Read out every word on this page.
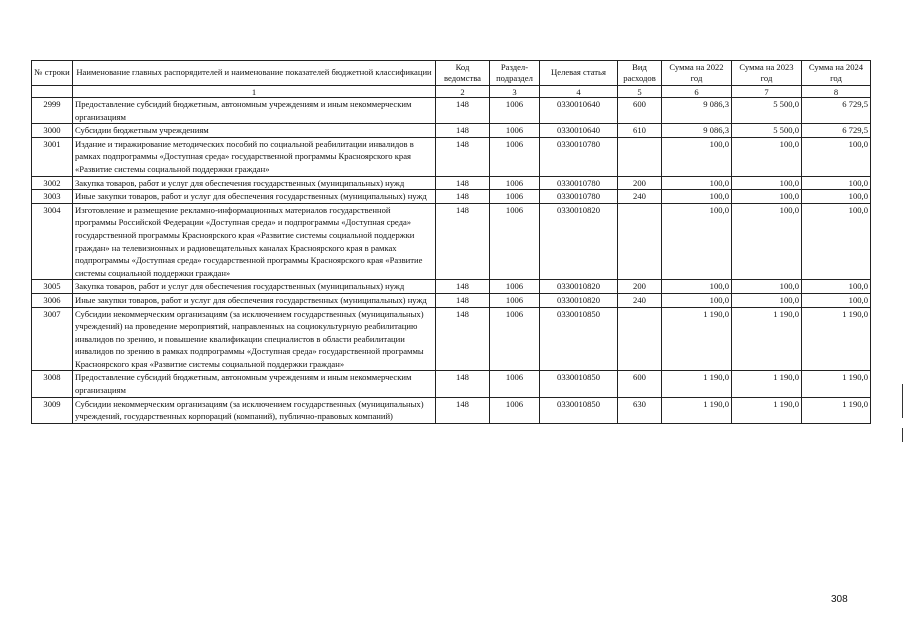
№ строки	Наименование главных распорядителей и наименование показателей бюджетной классификации	Код ведомства	Раздел-подраздел	Целевая статья	Вид расходов	Сумма на 2022 год	Сумма на 2023 год	Сумма на 2024 год
	1	2	3	4	5	6	7	8
2999	Предоставление субсидий бюджетным, автономным учреждениям и иным некоммерческим организациям	148	1006	0330010640	600	9 086,3	5 500,0	6 729,5
3000	Субсидии бюджетным учреждениям	148	1006	0330010640	610	9 086,3	5 500,0	6 729,5
3001	Издание и тиражирование методических пособий по социальной реабилитации инвалидов в рамках подпрограммы «Доступная среда» государственной программы Красноярского края «Развитие системы социальной поддержки граждан»	148	1006	0330010780		100,0	100,0	100,0
3002	Закупка товаров, работ и услуг для обеспечения государственных (муниципальных) нужд	148	1006	0330010780	200	100,0	100,0	100,0
3003	Иные закупки товаров, работ и услуг для обеспечения государственных (муниципальных) нужд	148	1006	0330010780	240	100,0	100,0	100,0
3004	Изготовление и размещение рекламно-информационных материалов государственной программы Российской Федерации «Доступная среда» и подпрограммы «Доступная среда» государственной программы Красноярского края «Развитие системы социальной поддержки граждан» на телевизионных и радиовещательных каналах Красноярского края в рамках подпрограммы «Доступная среда» государственной программы Красноярского края «Развитие системы социальной поддержки граждан»	148	1006	0330010820		100,0	100,0	100,0
3005	Закупка товаров, работ и услуг для обеспечения государственных (муниципальных) нужд	148	1006	0330010820	200	100,0	100,0	100,0
3006	Иные закупки товаров, работ и услуг для обеспечения государственных (муниципальных) нужд	148	1006	0330010820	240	100,0	100,0	100,0
3007	Субсидии некоммерческим организациям (за исключением государственных (муниципальных) учреждений) на проведение мероприятий, направленных на социокультурную реабилитацию инвалидов по зрению, и повышение квалификации специалистов в области реабилитации инвалидов по зрению в рамках подпрограммы «Доступная среда» государственной программы Красноярского края «Развитие системы социальной поддержки граждан»	148	1006	0330010850		1 190,0	1 190,0	1 190,0
3008	Предоставление субсидий бюджетным, автономным учреждениям и иным некоммерческим организациям	148	1006	0330010850	600	1 190,0	1 190,0	1 190,0
3009	Субсидии некоммерческим организациям (за исключением государственных (муниципальных) учреждений, государственных корпораций (компаний), публично-правовых компаний)	148	1006	0330010850	630	1 190,0	1 190,0	1 190,0
308
